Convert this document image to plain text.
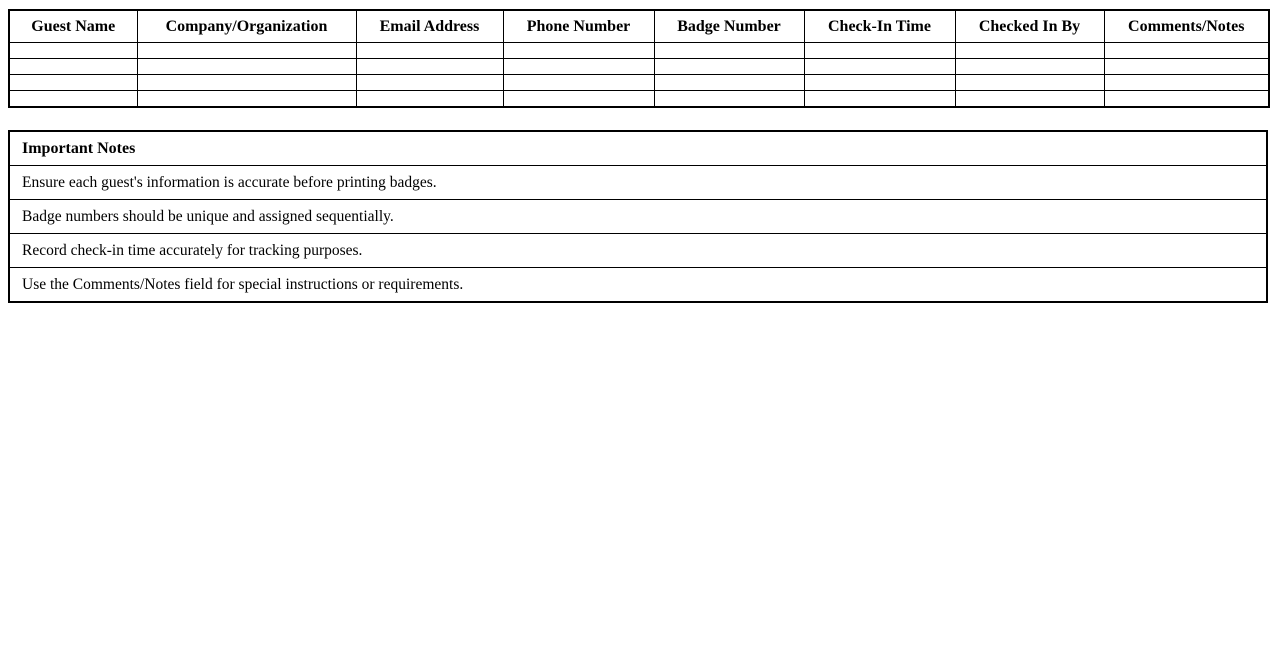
Guest Name	Company/Organization	Email Address	Phone Number	Badge Number	Check-In Time	Checked In By	Comments/Notes

Important Notes
Ensure each guest's information is accurate before printing badges.
Badge numbers should be unique and assigned sequentially.
Record check-in time accurately for tracking purposes.
Use the Comments/Notes field for special instructions or requirements.
